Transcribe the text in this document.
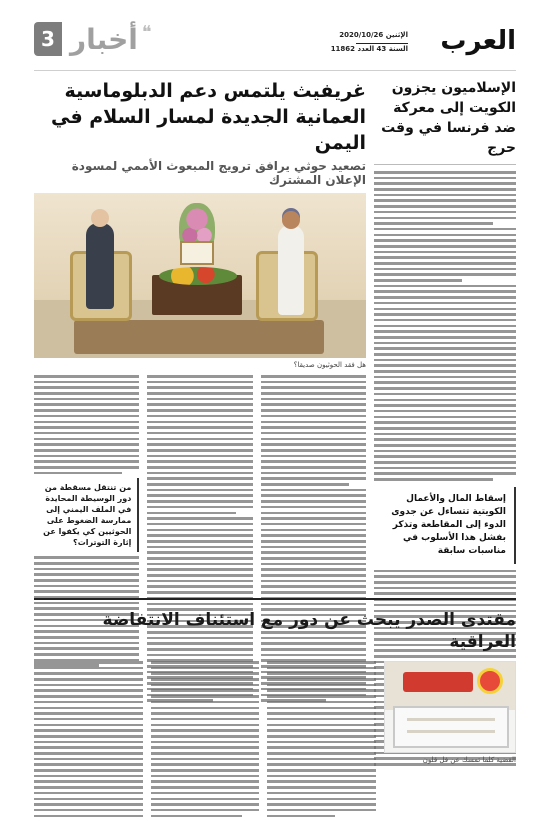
العرب
الإثنين 2020/10/26
السنة 43 العدد 11862
3 أخبار ❝
الإسلاميون يجزون الكويت إلى معركة ضد فرنسا في وقت حرج

إسقاط المال والأعمال الكويتية تتساءل عن جدوى الدوء إلى المقاطعة وتذكر بفشل هذا الأسلوب في مناسبات سابقة

غريفيث يلتمس دعم الدبلوماسية العمانية الجديدة لمسار السلام في اليمن
تصعيد حوثي يرافق ترويج المبعوث الأممي لمسودة الإعلان المشترك
هل فقد الحوثيون صديقا؟

من تنتقل مسقطة من دور الوسيطة المحايدة في الملف اليمني إلى ممارسة الضغوط على الحوثيين كي يكفوا عن إثارة التوترات؟

مقتدى الصدر يبحث عن دور مع استئناف الانتفاضة العراقية
القضية كلما تمسك عن فل قلون
